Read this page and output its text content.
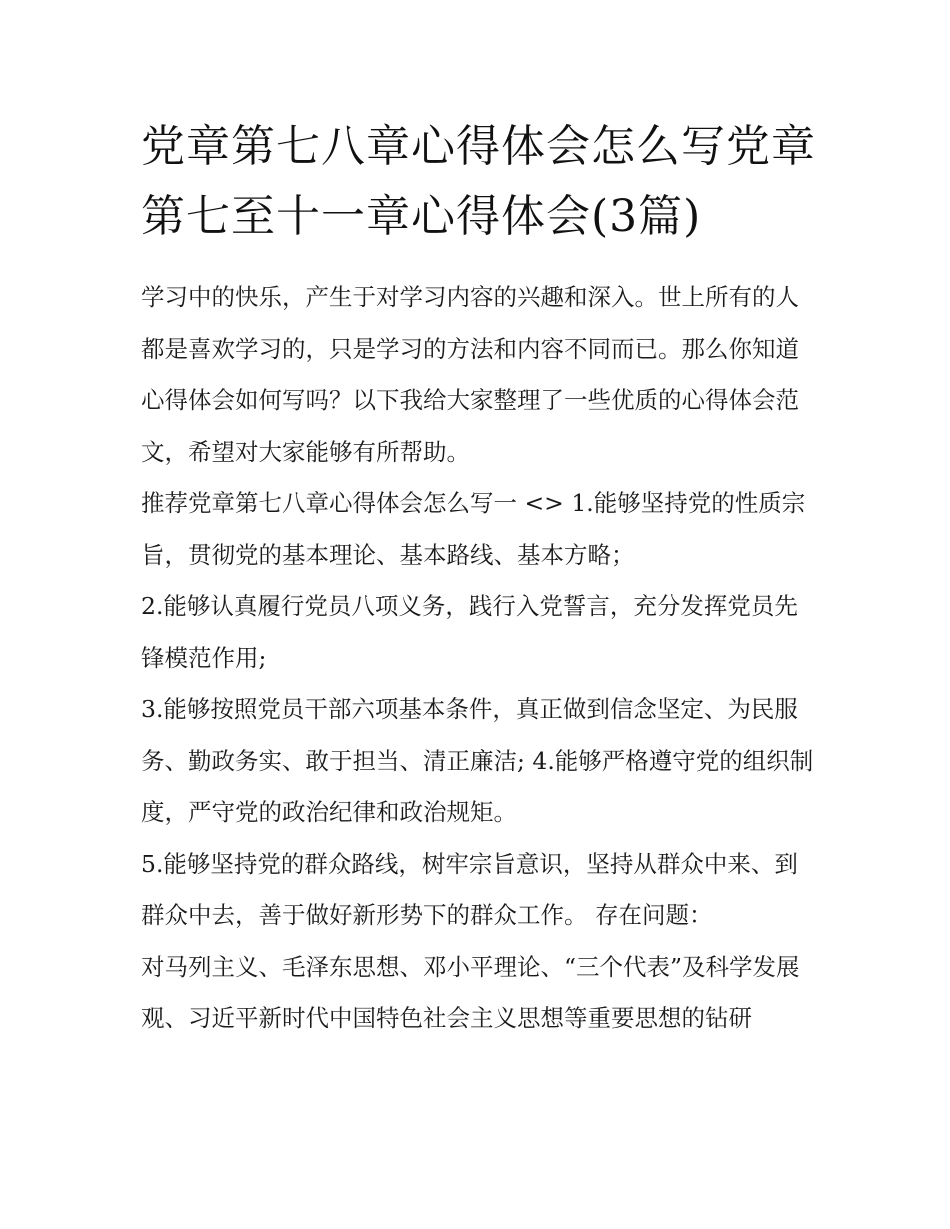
党章第七八章心得体会怎么写党章第七至十一章心得体会(3篇)

学习中的快乐，产生于对学习内容的兴趣和深入。世上所有的人都是喜欢学习的，只是学习的方法和内容不同而已。那么你知道心得体会如何写吗？以下我给大家整理了一些优质的心得体会范文，希望对大家能够有所帮助。

推荐党章第七八章心得体会怎么写一 <> 1.能够坚持党的性质宗旨，贯彻党的基本理论、基本路线、基本方略；

2.能够认真履行党员八项义务，践行入党誓言，充分发挥党员先锋模范作用;

3.能够按照党员干部六项基本条件，真正做到信念坚定、为民服务、勤政务实、敢于担当、清正廉洁; 4.能够严格遵守党的组织制度，严守党的政治纪律和政治规矩。

5.能够坚持党的群众路线，树牢宗旨意识，坚持从群众中来、到群众中去，善于做好新形势下的群众工作。 存在问题：

对马列主义、毛泽东思想、邓小平理论、“三个代表”及科学发展观、习近平新时代中国特色社会主义思想等重要思想的钻研
